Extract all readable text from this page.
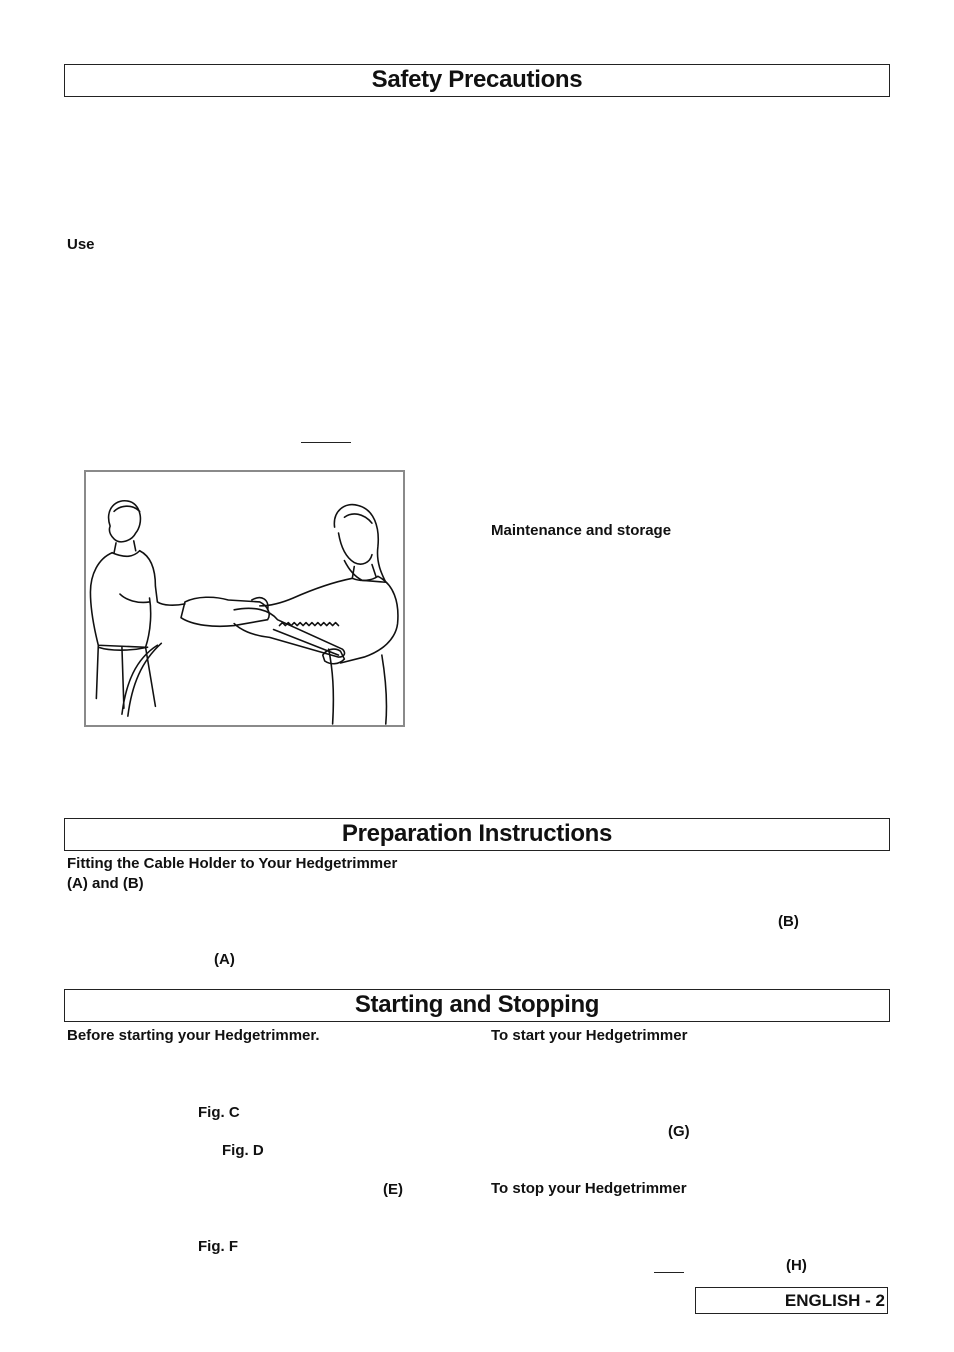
Safety Precautions
Use
Maintenance and storage
Preparation Instructions
Fitting the Cable Holder to Your Hedgetrimmer
(A) and (B)
(B)
(A)
Starting and Stopping
Before starting your Hedgetrimmer.
Fig. C
Fig. D
(E)
Fig. F
To start your Hedgetrimmer
(G)
To stop your Hedgetrimmer
(H)
ENGLISH - 2
